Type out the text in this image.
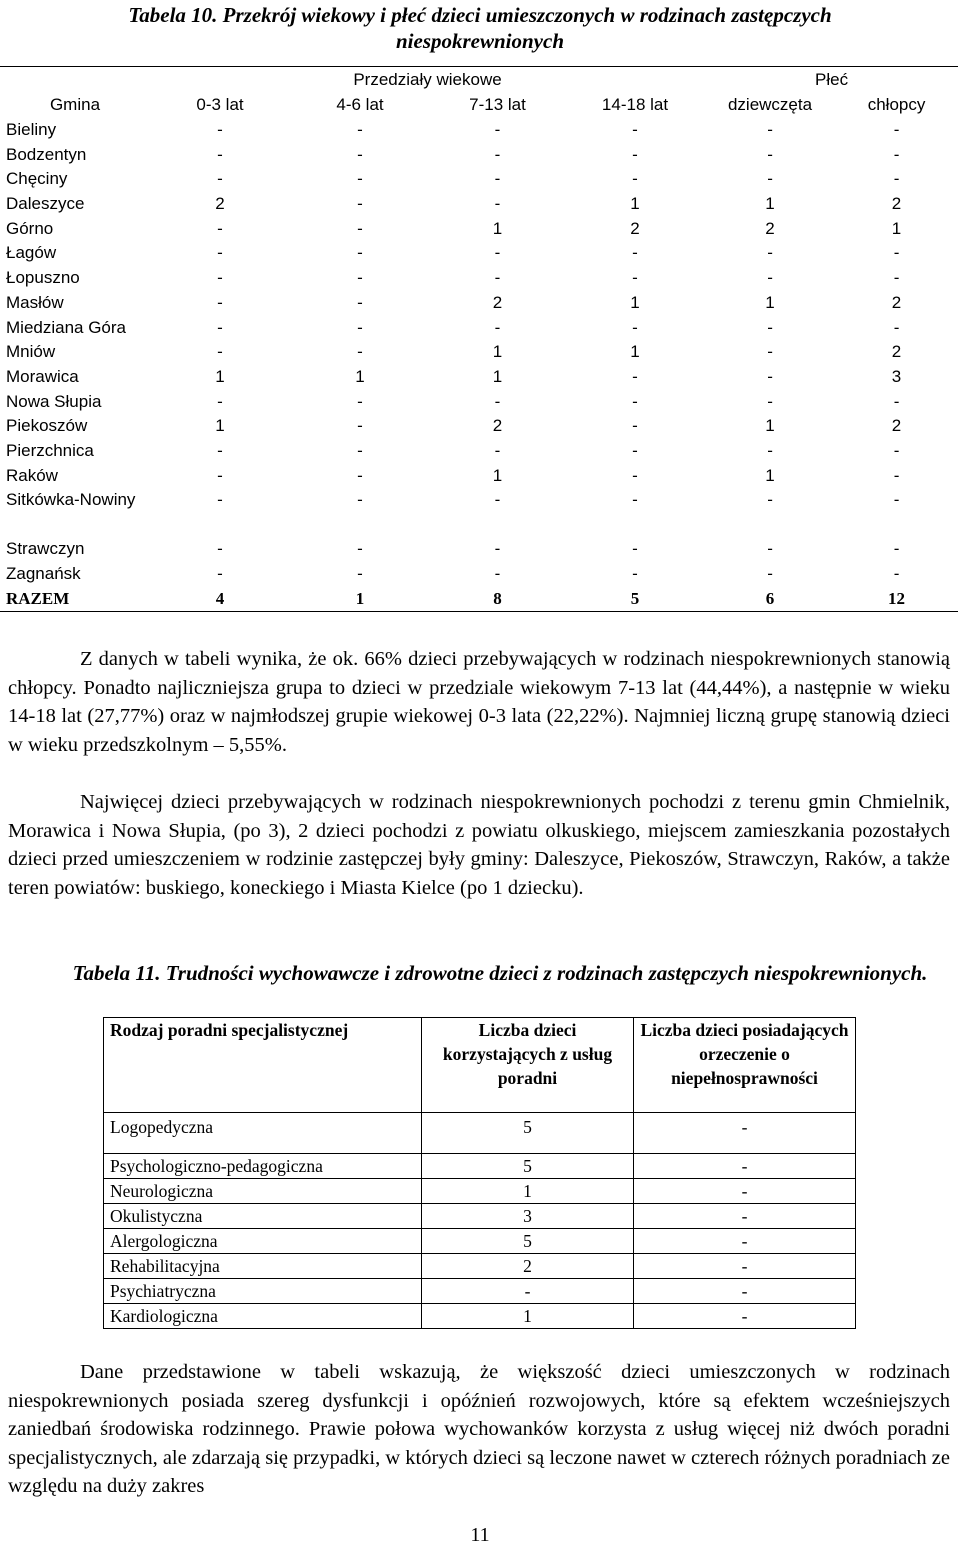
Tabela 10. Przekrój wiekowy i płeć dzieci umieszczonych w rodzinach zastępczych
niespokrewnionych
	Przedziały wiekowe				Płeć	
Gmina	0-3 lat	4-6 lat	7-13 lat	14-18 lat	dziewczęta	chłopcy
Bieliny	-	-	-	-	-	-
Bodzentyn	-	-	-	-	-	-
Chęciny	-	-	-	-	-	-
Daleszyce	2	-	-	1	1	2
Górno	-	-	1	2	2	1
Łagów	-	-	-	-	-	-
Łopuszno	-	-	-	-	-	-
Masłów	-	-	2	1	1	2
Miedziana Góra	-	-	-	-	-	-
Mniów	-	-	1	1	-	2
Morawica	1	1	1	-	-	3
Nowa Słupia	-	-	-	-	-	-
Piekoszów	1	-	2	-	1	2
Pierzchnica	-	-	-	-	-	-
Raków	-	-	1	-	1	-
Sitkówka-Nowiny	-	-	-	-	-	-
Strawczyn	-	-	-	-	-	-
Zagnańsk	-	-	-	-	-	-
RAZEM	4	1	8	5	6	12

Z danych w tabeli wynika, że ok. 66% dzieci przebywających w rodzinach niespokrewnionych stanowią chłopcy. Ponadto najliczniejsza grupa to dzieci w przedziale wiekowym 7-13 lat (44,44%), a następnie w wieku 14-18 lat (27,77%) oraz w najmłodszej grupie wiekowej 0-3 lata (22,22%). Najmniej liczną grupę stanowią dzieci w wieku przedszkolnym – 5,55%.

Najwięcej dzieci przebywających w rodzinach niespokrewnionych pochodzi z terenu gmin Chmielnik, Morawica i Nowa Słupia, (po 3), 2 dzieci pochodzi z powiatu olkuskiego, miejscem zamieszkania pozostałych dzieci przed umieszczeniem w rodzinie zastępczej były gminy: Daleszyce, Piekoszów, Strawczyn, Raków, a także teren powiatów: buskiego, koneckiego i Miasta Kielce (po 1 dziecku).

Tabela 11. Trudności wychowawcze i zdrowotne dzieci z rodzinach zastępczych niespokrewnionych.
Rodzaj poradni specjalistycznej	Liczba dzieci korzystających z usług poradni	Liczba dzieci posiadających orzeczenie o niepełnosprawności
Logopedyczna	5	-
Psychologiczno-pedagogiczna	5	-
Neurologiczna	1	-
Okulistyczna	3	-
Alergologiczna	5	-
Rehabilitacyjna	2	-
Psychiatryczna	-	-
Kardiologiczna	1	-

Dane przedstawione w tabeli wskazują, że większość dzieci umieszczonych w rodzinach niespokrewnionych posiada szereg dysfunkcji i opóźnień rozwojowych, które są efektem wcześniejszych zaniedbań środowiska rodzinnego. Prawie połowa wychowanków korzysta z usług więcej niż dwóch poradni specjalistycznych, ale zdarzają się przypadki, w których dzieci są leczone nawet w czterech różnych poradniach ze względu na duży zakres

11
